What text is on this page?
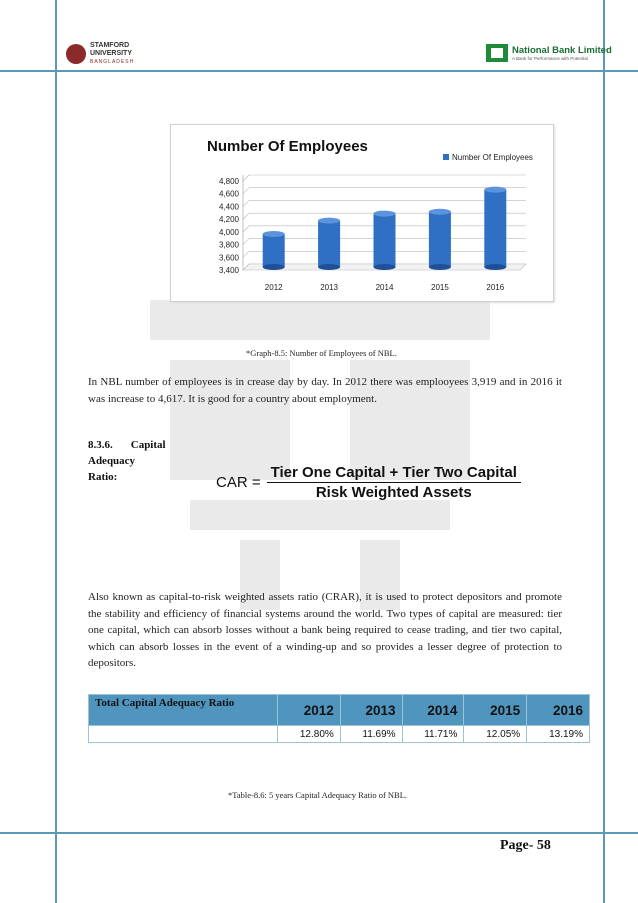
STAMFORD
UNIVERSITY
BANGLADESH
National Bank Limited
A Bank for Performance with Potential
Number Of Employees
Number Of Employees
3,400
3,600
3,800
4,000
4,200
4,400
4,600
4,800
2012	2013	2014	2015	2016
*Graph-8.5: Number of Employees of NBL.
In NBL number of employees is in crease day by day. In 2012 there was emplooyees 3,919 and in 2016 it was increase to 4,617. It is good for a country about employment.
8.3.6. Capital
Adequacy
Ratio:	CAR = $\frac{\text{Tier One Capital + Tier Two Capital}}{\text{Risk Weighted Assets}}$
Also known as capital-to-risk weighted assets ratio (CRAR), it is used to protect depositors and promote the stability and efficiency of financial systems around the world. Two types of capital are measured: tier one capital, which can absorb losses without a bank being required to cease trading, and tier two capital, which can absorb losses in the event of a winding-up and so provides a lesser degree of protection to depositors.
Total Capital Adequacy Ratio	2012	2013	2014	2015	2016
	12.80%	11.69%	11.71%	12.05%	13.19%
*Table-8.6: 5 years Capital Adequacy Ratio of NBL.
Page- 58
